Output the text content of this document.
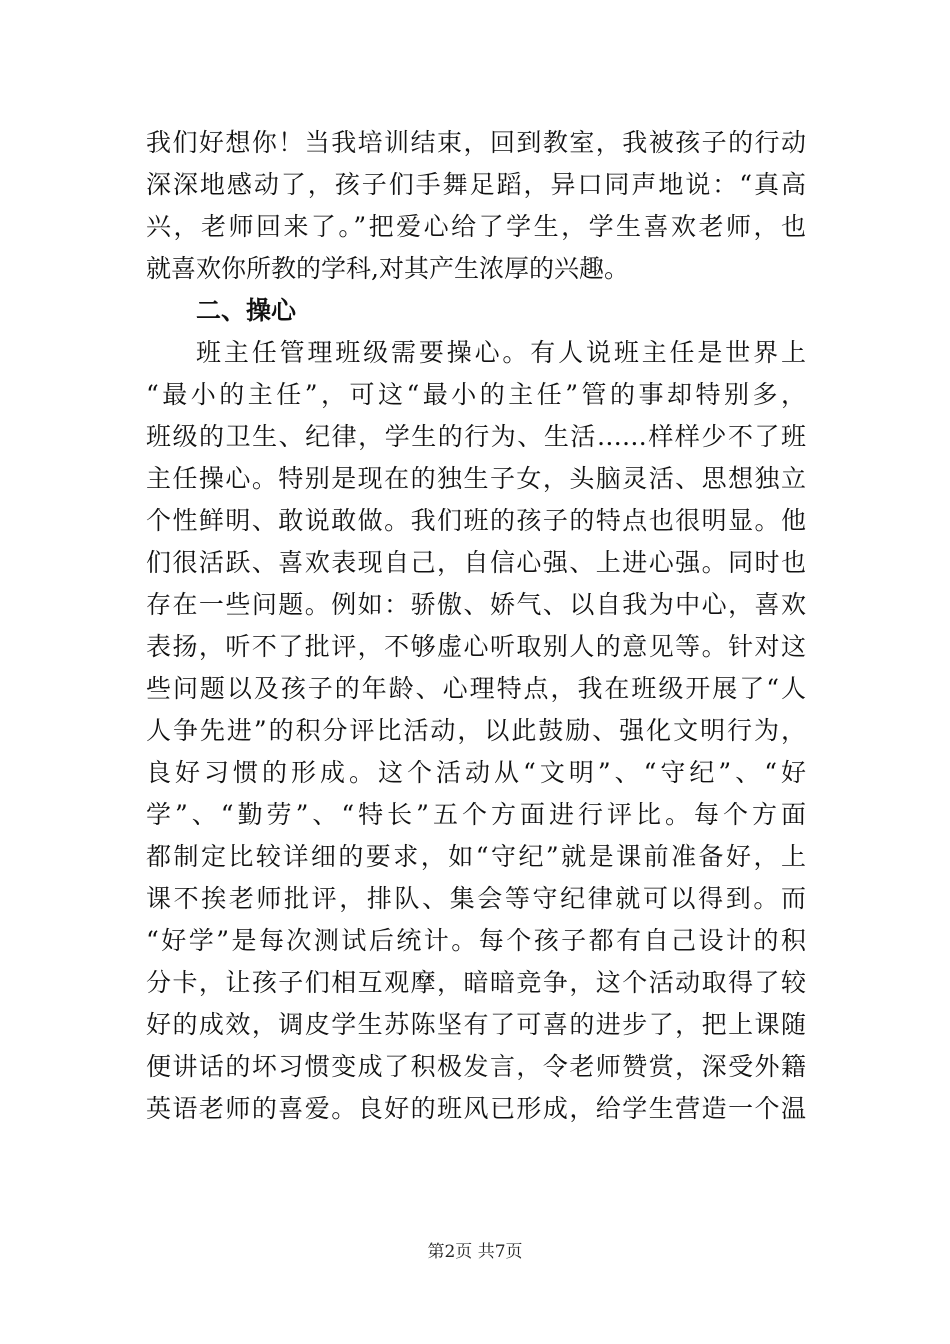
我们好想你！当我培训结束，回到教室，我被孩子的行动
深深地感动了，孩子们手舞足蹈，异口同声地说：“真高
兴，老师回来了。”把爱心给了学生，学生喜欢老师，也
就喜欢你所教的学科,对其产生浓厚的兴趣。
二、操心
班主任管理班级需要操心。有人说班主任是世界上
“最小的主任”，可这“最小的主任”管的事却特别多，
班级的卫生、纪律，学生的行为、生活……样样少不了班
主任操心。特别是现在的独生子女，头脑灵活、思想独立
个性鲜明、敢说敢做。我们班的孩子的特点也很明显。他
们很活跃、喜欢表现自己，自信心强、上进心强。同时也
存在一些问题。例如：骄傲、娇气、以自我为中心，喜欢
表扬，听不了批评，不够虚心听取别人的意见等。针对这
些问题以及孩子的年龄、心理特点，我在班级开展了“人
人争先进”的积分评比活动，以此鼓励、强化文明行为，
良好习惯的形成。这个活动从“文明”、“守纪”、“好
学”、“勤劳”、“特长”五个方面进行评比。每个方面
都制定比较详细的要求，如“守纪”就是课前准备好，上
课不挨老师批评，排队、集会等守纪律就可以得到。而
“好学”是每次测试后统计。每个孩子都有自己设计的积
分卡，让孩子们相互观摩，暗暗竞争，这个活动取得了较
好的成效，调皮学生苏陈坚有了可喜的进步了，把上课随
便讲话的坏习惯变成了积极发言，令老师赞赏，深受外籍
英语老师的喜爱。良好的班风已形成，给学生营造一个温
第2页 共7页
